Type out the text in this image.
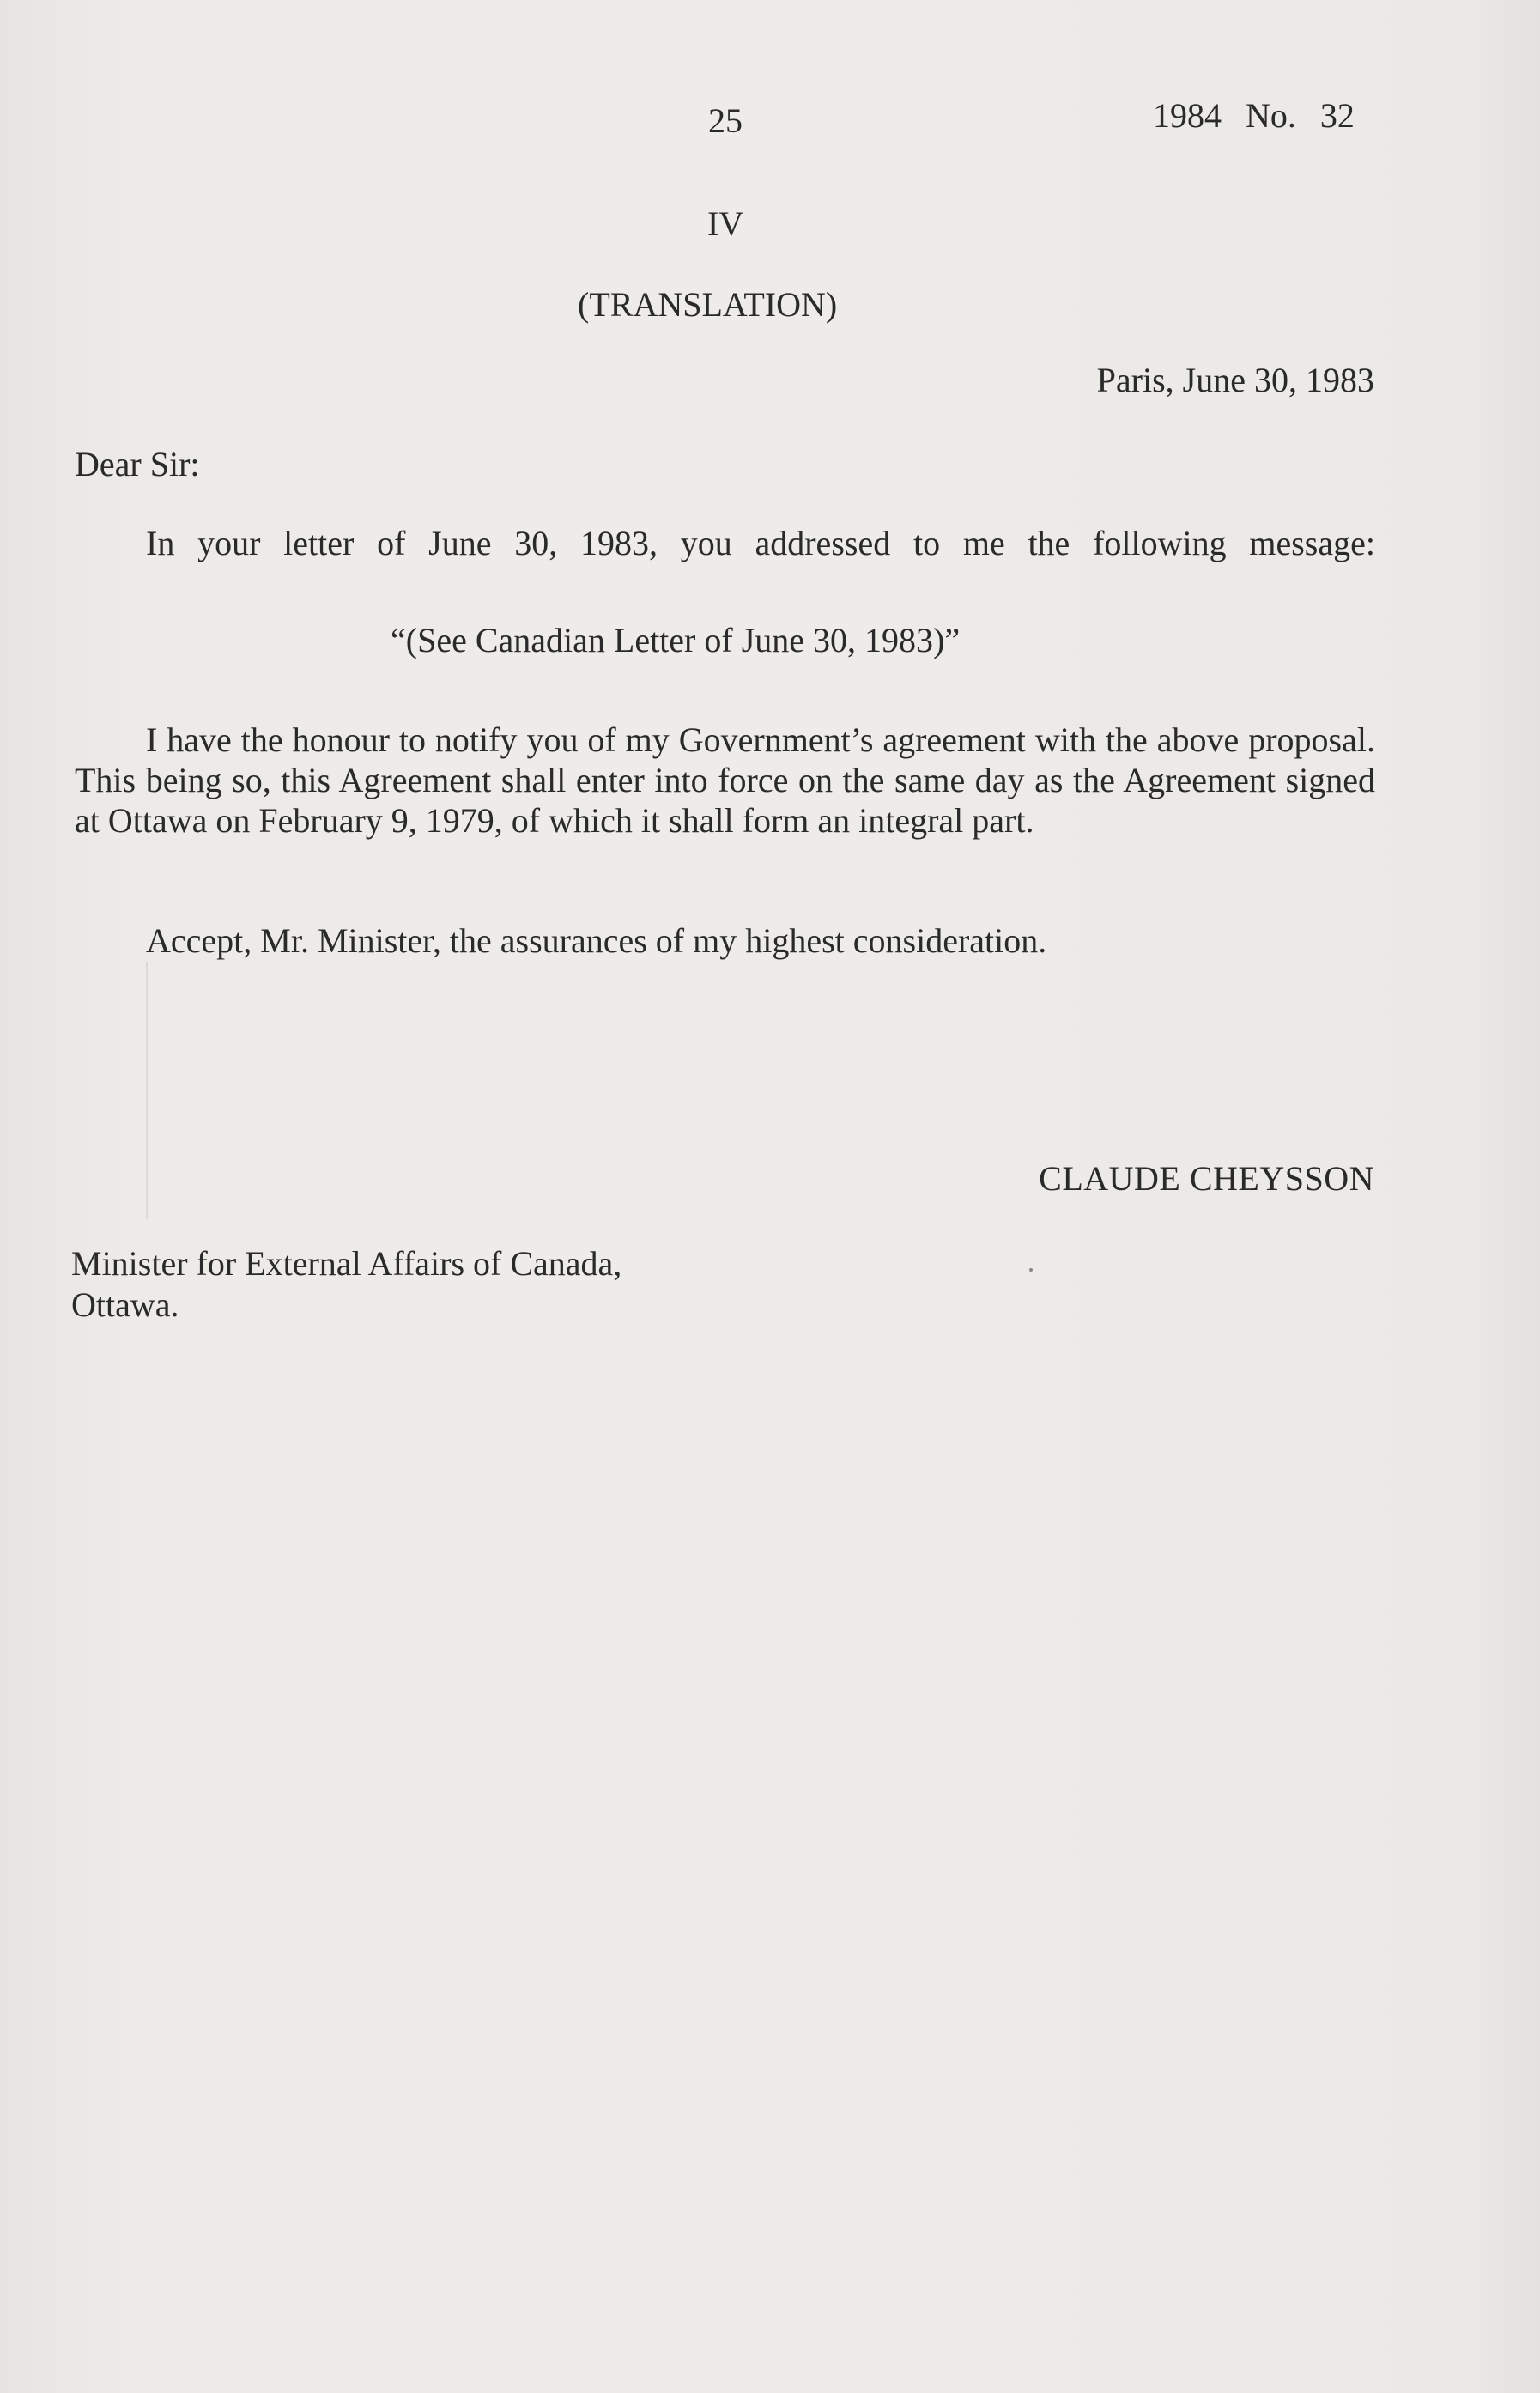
25	1984 No. 32

IV

(TRANSLATION)

Paris, June 30, 1983

Dear Sir:

In your letter of June 30, 1983, you addressed to me the following message:

“(See Canadian Letter of June 30, 1983)”

I have the honour to notify you of my Government’s agreement with the above proposal. This being so, this Agreement shall enter into force on the same day as the Agreement signed at Ottawa on February 9, 1979, of which it shall form an integral part.

Accept, Mr. Minister, the assurances of my highest consideration.

CLAUDE CHEYSSON

Minister for External Affairs of Canada,
Ottawa.
